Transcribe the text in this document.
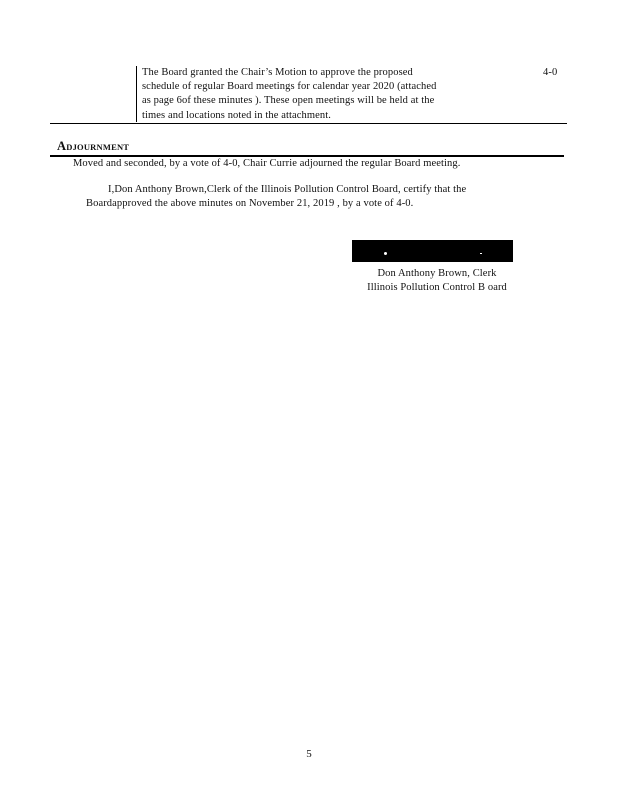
The Board granted the Chair’s Motion to approve the proposed
schedule of regular Board meetings for calendar year 2020 (attached
as page 6of these minutes ). These open meetings will be held at the
times and locations noted in the attachment.
4-0
ADJOURNMENT
Moved and seconded, by a vote of 4-0, Chair Currie adjourned the regular Board meeting.
I,Don Anthony Brown,Clerk of the Illinois Pollution Control Board, certify that the
Boardapproved the above minutes on November 21, 2019 , by a vote of 4-0.
Don Anthony Brown, Clerk
Illinois Pollution Control B oard
5
